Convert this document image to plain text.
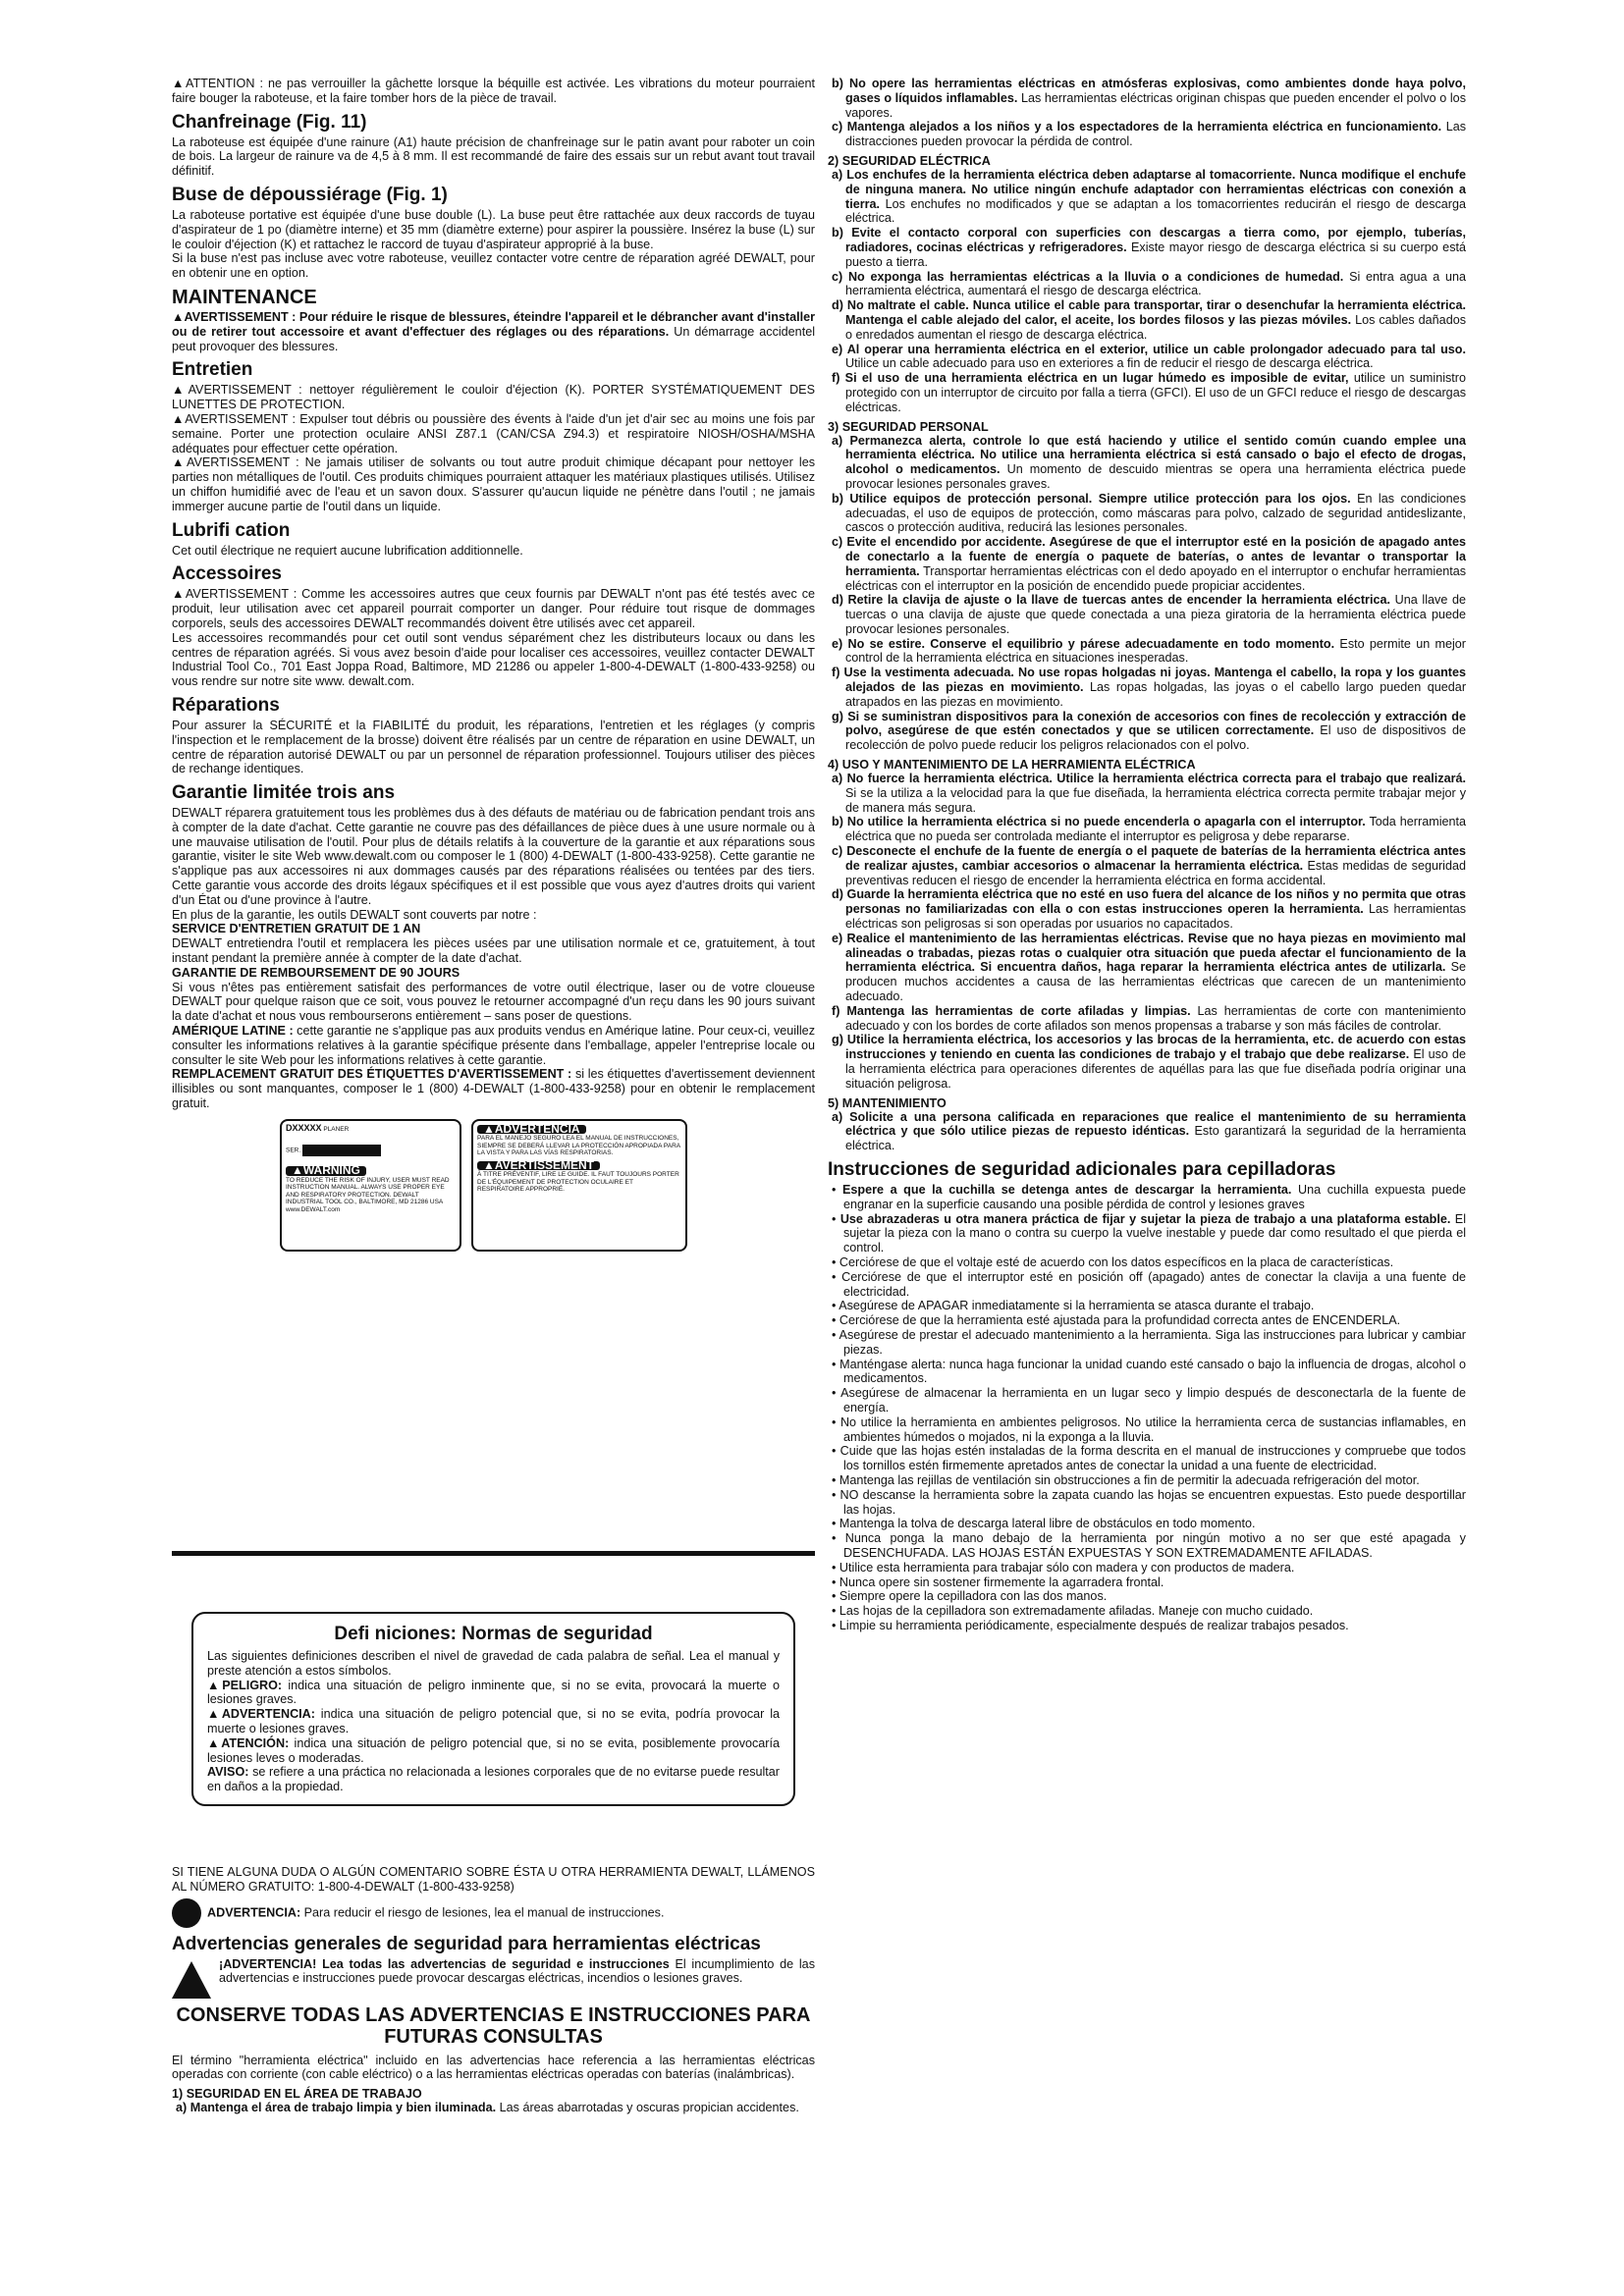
▲ATTENTION : ne pas verrouiller la gâchette lorsque la béquille est activée. Les vibrations du moteur pourraient faire bouger la raboteuse, et la faire tomber hors de la pièce de travail.

Chanfreinage (Fig. 11)

La raboteuse est équipée d'une rainure (A1) haute précision de chanfreinage sur le patin avant pour raboter un coin de bois. La largeur de rainure va de 4,5 à 8 mm. Il est recommandé de faire des essais sur un rebut avant tout travail définitif.

Buse de dépoussiérage (Fig. 1)

La raboteuse portative est équipée d'une buse double (L). La buse peut être rattachée aux deux raccords de tuyau d'aspirateur de 1 po (diamètre interne) et 35 mm (diamètre externe) pour aspirer la poussière. Insérez la buse (L) sur le couloir d'éjection (K) et rattachez le raccord de tuyau d'aspirateur approprié à la buse.

Si la buse n'est pas incluse avec votre raboteuse, veuillez contacter votre centre de réparation agréé DEWALT, pour en obtenir une en option.

MAINTENANCE

▲AVERTISSEMENT : Pour réduire le risque de blessures, éteindre l'appareil et le débrancher avant d'installer ou de retirer tout accessoire et avant d'effectuer des réglages ou des réparations. Un démarrage accidentel peut provoquer des blessures.

Entretien

▲AVERTISSEMENT : nettoyer régulièrement le couloir d'éjection (K). PORTER SYSTÉMATIQUEMENT DES LUNETTES DE PROTECTION.

▲AVERTISSEMENT : Expulser tout débris ou poussière des évents à l'aide d'un jet d'air sec au moins une fois par semaine. Porter une protection oculaire ANSI Z87.1 (CAN/CSA Z94.3) et respiratoire NIOSH/OSHA/MSHA adéquates pour effectuer cette opération.

▲AVERTISSEMENT : Ne jamais utiliser de solvants ou tout autre produit chimique décapant pour nettoyer les parties non métalliques de l'outil. Ces produits chimiques pourraient attaquer les matériaux plastiques utilisés. Utilisez un chiffon humidifié avec de l'eau et un savon doux. S'assurer qu'aucun liquide ne pénètre dans l'outil ; ne jamais immerger aucune partie de l'outil dans un liquide.

Lubrifi cation

Cet outil électrique ne requiert aucune lubrification additionnelle.

Accessoires

▲AVERTISSEMENT : Comme les accessoires autres que ceux fournis par DEWALT n'ont pas été testés avec ce produit, leur utilisation avec cet appareil pourrait comporter un danger. Pour réduire tout risque de dommages corporels, seuls des accessoires DEWALT recommandés doivent être utilisés avec cet appareil.

Les accessoires recommandés pour cet outil sont vendus séparément chez les distributeurs locaux ou dans les centres de réparation agréés. Si vous avez besoin d'aide pour localiser ces accessoires, veuillez contacter DEWALT Industrial Tool Co., 701 East Joppa Road, Baltimore, MD 21286 ou appeler 1-800-4-DEWALT (1-800-433-9258) ou vous rendre sur notre site www. dewalt.com.

Réparations

Pour assurer la SÉCURITÉ et la FIABILITÉ du produit, les réparations, l'entretien et les réglages (y compris l'inspection et le remplacement de la brosse) doivent être réalisés par un centre de réparation en usine DEWALT, un centre de réparation autorisé DEWALT ou par un personnel de réparation professionnel. Toujours utiliser des pièces de rechange identiques.

Garantie limitée trois ans

DEWALT réparera gratuitement tous les problèmes dus à des défauts de matériau ou de fabrication pendant trois ans à compter de la date d'achat. Cette garantie ne couvre pas des défaillances de pièce dues à une usure normale ou à une mauvaise utilisation de l'outil. Pour plus de détails relatifs à la couverture de la garantie et aux réparations sous garantie, visiter le site Web www.dewalt.com ou composer le 1 (800) 4-DEWALT (1-800-433-9258). Cette garantie ne s'applique pas aux accessoires ni aux dommages causés par des réparations réalisées ou tentées par des tiers. Cette garantie vous accorde des droits légaux spécifiques et il est possible que vous ayez d'autres droits qui varient d'un État ou d'une province à l'autre.

En plus de la garantie, les outils DEWALT sont couverts par notre :

SERVICE D'ENTRETIEN GRATUIT DE 1 AN

DEWALT entretiendra l'outil et remplacera les pièces usées par une utilisation normale et ce, gratuitement, à tout instant pendant la première année à compter de la date d'achat.

GARANTIE DE REMBOURSEMENT DE 90 JOURS

Si vous n'êtes pas entièrement satisfait des performances de votre outil électrique, laser ou de votre cloueuse DEWALT pour quelque raison que ce soit, vous pouvez le retourner accompagné d'un reçu dans les 90 jours suivant la date d'achat et nous vous rembourserons entièrement – sans poser de questions.

AMÉRIQUE LATINE : cette garantie ne s'applique pas aux produits vendus en Amérique latine. Pour ceux-ci, veuillez consulter les informations relatives à la garantie spécifique présente dans l'emballage, appeler l'entreprise locale ou consulter le site Web pour les informations relatives à cette garantie.

REMPLACEMENT GRATUIT DES ÉTIQUETTES D'AVERTISSEMENT : si les étiquettes d'avertissement deviennent illisibles ou sont manquantes, composer le 1 (800) 4-DEWALT (1-800-433-9258) pour en obtenir le remplacement gratuit.

DXXXXX PLANER
SER.
▲WARNING
TO REDUCE THE RISK OF INJURY, USER MUST READ INSTRUCTION MANUAL. ALWAYS USE PROPER EYE AND RESPIRATORY PROTECTION. DEWALT INDUSTRIAL TOOL CO., BALTIMORE, MD 21286 USA www.DEWALT.com
▲ADVERTENCIA
PARA EL MANEJO SEGURO LEA EL MANUAL DE INSTRUCCIONES, SIEMPRE SE DEBERÁ LLEVAR LA PROTECCIÓN APROPIADA PARA LA VISTA Y PARA LAS VÍAS RESPIRATORIAS.
▲AVERTISSEMENT
À TITRE PRÉVENTIF, LIRE LE GUIDE. IL FAUT TOUJOURS PORTER DE L'ÉQUIPEMENT DE PROTECTION OCULAIRE ET RESPIRATOIRE APPROPRIÉ.
Defi niciones: Normas de seguridad

Las siguientes definiciones describen el nivel de gravedad de cada palabra de señal. Lea el manual y preste atención a estos símbolos.

▲PELIGRO: indica una situación de peligro inminente que, si no se evita, provocará la muerte o lesiones graves.

▲ADVERTENCIA: indica una situación de peligro potencial que, si no se evita, podría provocar la muerte o lesiones graves.

▲ATENCIÓN: indica una situación de peligro potencial que, si no se evita, posiblemente provocaría lesiones leves o moderadas.

AVISO: se refiere a una práctica no relacionada a lesiones corporales que de no evitarse puede resultar en daños a la propiedad.

SI TIENE ALGUNA DUDA O ALGÚN COMENTARIO SOBRE ÉSTA U OTRA HERRAMIENTA DEWALT, LLÁMENOS AL NÚMERO GRATUITO: 1-800-4-DEWALT (1-800-433-9258)

ADVERTENCIA: Para reducir el riesgo de lesiones, lea el manual de instrucciones.

Advertencias generales de seguridad para herramientas eléctricas

¡ADVERTENCIA! Lea todas las advertencias de seguridad e instrucciones El incumplimiento de las advertencias e instrucciones puede provocar descargas eléctricas, incendios o lesiones graves.

CONSERVE TODAS LAS ADVERTENCIAS E INSTRUCCIONES PARA FUTURAS CONSULTAS

El término "herramienta eléctrica" incluido en las advertencias hace referencia a las herramientas eléctricas operadas con corriente (con cable eléctrico) o a las herramientas eléctricas operadas con baterías (inalámbricas).

1) SEGURIDAD EN EL ÁREA DE TRABAJO

a) Mantenga el área de trabajo limpia y bien iluminada. Las áreas abarrotadas y oscuras propician accidentes.

b) No opere las herramientas eléctricas en atmósferas explosivas, como ambientes donde haya polvo, gases o líquidos inflamables. Las herramientas eléctricas originan chispas que pueden encender el polvo o los vapores.

c) Mantenga alejados a los niños y a los espectadores de la herramienta eléctrica en funcionamiento. Las distracciones pueden provocar la pérdida de control.

2) SEGURIDAD ELÉCTRICA

a) Los enchufes de la herramienta eléctrica deben adaptarse al tomacorriente. Nunca modifique el enchufe de ninguna manera. No utilice ningún enchufe adaptador con herramientas eléctricas con conexión a tierra. Los enchufes no modificados y que se adaptan a los tomacorrientes reducirán el riesgo de descarga eléctrica.

b) Evite el contacto corporal con superficies con descargas a tierra como, por ejemplo, tuberías, radiadores, cocinas eléctricas y refrigeradores. Existe mayor riesgo de descarga eléctrica si su cuerpo está puesto a tierra.

c) No exponga las herramientas eléctricas a la lluvia o a condiciones de humedad. Si entra agua a una herramienta eléctrica, aumentará el riesgo de descarga eléctrica.

d) No maltrate el cable. Nunca utilice el cable para transportar, tirar o desenchufar la herramienta eléctrica. Mantenga el cable alejado del calor, el aceite, los bordes filosos y las piezas móviles. Los cables dañados o enredados aumentan el riesgo de descarga eléctrica.

e) Al operar una herramienta eléctrica en el exterior, utilice un cable prolongador adecuado para tal uso. Utilice un cable adecuado para uso en exteriores a fin de reducir el riesgo de descarga eléctrica.

f) Si el uso de una herramienta eléctrica en un lugar húmedo es imposible de evitar, utilice un suministro protegido con un interruptor de circuito por falla a tierra (GFCI). El uso de un GFCI reduce el riesgo de descargas eléctricas.

3) SEGURIDAD PERSONAL

a) Permanezca alerta, controle lo que está haciendo y utilice el sentido común cuando emplee una herramienta eléctrica. No utilice una herramienta eléctrica si está cansado o bajo el efecto de drogas, alcohol o medicamentos. Un momento de descuido mientras se opera una herramienta eléctrica puede provocar lesiones personales graves.

b) Utilice equipos de protección personal. Siempre utilice protección para los ojos. En las condiciones adecuadas, el uso de equipos de protección, como máscaras para polvo, calzado de seguridad antideslizante, cascos o protección auditiva, reducirá las lesiones personales.

c) Evite el encendido por accidente. Asegúrese de que el interruptor esté en la posición de apagado antes de conectarlo a la fuente de energía o paquete de baterías, o antes de levantar o transportar la herramienta. Transportar herramientas eléctricas con el dedo apoyado en el interruptor o enchufar herramientas eléctricas con el interruptor en la posición de encendido puede propiciar accidentes.

d) Retire la clavija de ajuste o la llave de tuercas antes de encender la herramienta eléctrica. Una llave de tuercas o una clavija de ajuste que quede conectada a una pieza giratoria de la herramienta eléctrica puede provocar lesiones personales.

e) No se estire. Conserve el equilibrio y párese adecuadamente en todo momento. Esto permite un mejor control de la herramienta eléctrica en situaciones inesperadas.

f) Use la vestimenta adecuada. No use ropas holgadas ni joyas. Mantenga el cabello, la ropa y los guantes alejados de las piezas en movimiento. Las ropas holgadas, las joyas o el cabello largo pueden quedar atrapados en las piezas en movimiento.

g) Si se suministran dispositivos para la conexión de accesorios con fines de recolección y extracción de polvo, asegúrese de que estén conectados y que se utilicen correctamente. El uso de dispositivos de recolección de polvo puede reducir los peligros relacionados con el polvo.

4) USO Y MANTENIMIENTO DE LA HERRAMIENTA ELÉCTRICA

a) No fuerce la herramienta eléctrica. Utilice la herramienta eléctrica correcta para el trabajo que realizará. Si se la utiliza a la velocidad para la que fue diseñada, la herramienta eléctrica correcta permite trabajar mejor y de manera más segura.

b) No utilice la herramienta eléctrica si no puede encenderla o apagarla con el interruptor. Toda herramienta eléctrica que no pueda ser controlada mediante el interruptor es peligrosa y debe repararse.

c) Desconecte el enchufe de la fuente de energía o el paquete de baterías de la herramienta eléctrica antes de realizar ajustes, cambiar accesorios o almacenar la herramienta eléctrica. Estas medidas de seguridad preventivas reducen el riesgo de encender la herramienta eléctrica en forma accidental.

d) Guarde la herramienta eléctrica que no esté en uso fuera del alcance de los niños y no permita que otras personas no familiarizadas con ella o con estas instrucciones operen la herramienta. Las herramientas eléctricas son peligrosas si son operadas por usuarios no capacitados.

e) Realice el mantenimiento de las herramientas eléctricas. Revise que no haya piezas en movimiento mal alineadas o trabadas, piezas rotas o cualquier otra situación que pueda afectar el funcionamiento de la herramienta eléctrica. Si encuentra daños, haga reparar la herramienta eléctrica antes de utilizarla. Se producen muchos accidentes a causa de las herramientas eléctricas que carecen de un mantenimiento adecuado.

f) Mantenga las herramientas de corte afiladas y limpias. Las herramientas de corte con mantenimiento adecuado y con los bordes de corte afilados son menos propensas a trabarse y son más fáciles de controlar.

g) Utilice la herramienta eléctrica, los accesorios y las brocas de la herramienta, etc. de acuerdo con estas instrucciones y teniendo en cuenta las condiciones de trabajo y el trabajo que debe realizarse. El uso de la herramienta eléctrica para operaciones diferentes de aquéllas para las que fue diseñada podría originar una situación peligrosa.

5) MANTENIMIENTO

a) Solicite a una persona calificada en reparaciones que realice el mantenimiento de su herramienta eléctrica y que sólo utilice piezas de repuesto idénticas. Esto garantizará la seguridad de la herramienta eléctrica.

Instrucciones de seguridad adicionales para cepilladoras

• Espere a que la cuchilla se detenga antes de descargar la herramienta. Una cuchilla expuesta puede engranar en la superficie causando una posible pérdida de control y lesiones graves

• Use abrazaderas u otra manera práctica de fijar y sujetar la pieza de trabajo a una plataforma estable. El sujetar la pieza con la mano o contra su cuerpo la vuelve inestable y puede dar como resultado el que pierda el control.

• Cerciórese de que el voltaje esté de acuerdo con los datos específicos en la placa de características.

• Cerciórese de que el interruptor esté en posición off (apagado) antes de conectar la clavija a una fuente de electricidad.

• Asegúrese de APAGAR inmediatamente si la herramienta se atasca durante el trabajo.

• Cerciórese de que la herramienta esté ajustada para la profundidad correcta antes de ENCENDERLA.

• Asegúrese de prestar el adecuado mantenimiento a la herramienta. Siga las instrucciones para lubricar y cambiar piezas.

• Manténgase alerta: nunca haga funcionar la unidad cuando esté cansado o bajo la influencia de drogas, alcohol o medicamentos.

• Asegúrese de almacenar la herramienta en un lugar seco y limpio después de desconectarla de la fuente de energía.

• No utilice la herramienta en ambientes peligrosos. No utilice la herramienta cerca de sustancias inflamables, en ambientes húmedos o mojados, ni la exponga a la lluvia.

• Cuide que las hojas estén instaladas de la forma descrita en el manual de instrucciones y compruebe que todos los tornillos estén firmemente apretados antes de conectar la unidad a una fuente de electricidad.

• Mantenga las rejillas de ventilación sin obstrucciones a fin de permitir la adecuada refrigeración del motor.

• NO descanse la herramienta sobre la zapata cuando las hojas se encuentren expuestas. Esto puede desportillar las hojas.

• Mantenga la tolva de descarga lateral libre de obstáculos en todo momento.

• Nunca ponga la mano debajo de la herramienta por ningún motivo a no ser que esté apagada y DESENCHUFADA. LAS HOJAS ESTÁN EXPUESTAS Y SON EXTREMADAMENTE AFILADAS.

• Utilice esta herramienta para trabajar sólo con madera y con productos de madera.

• Nunca opere sin sostener firmemente la agarradera frontal.

• Siempre opere la cepilladora con las dos manos.

• Las hojas de la cepilladora son extremadamente afiladas. Maneje con mucho cuidado.

• Limpie su herramienta periódicamente, especialmente después de realizar trabajos pesados.
